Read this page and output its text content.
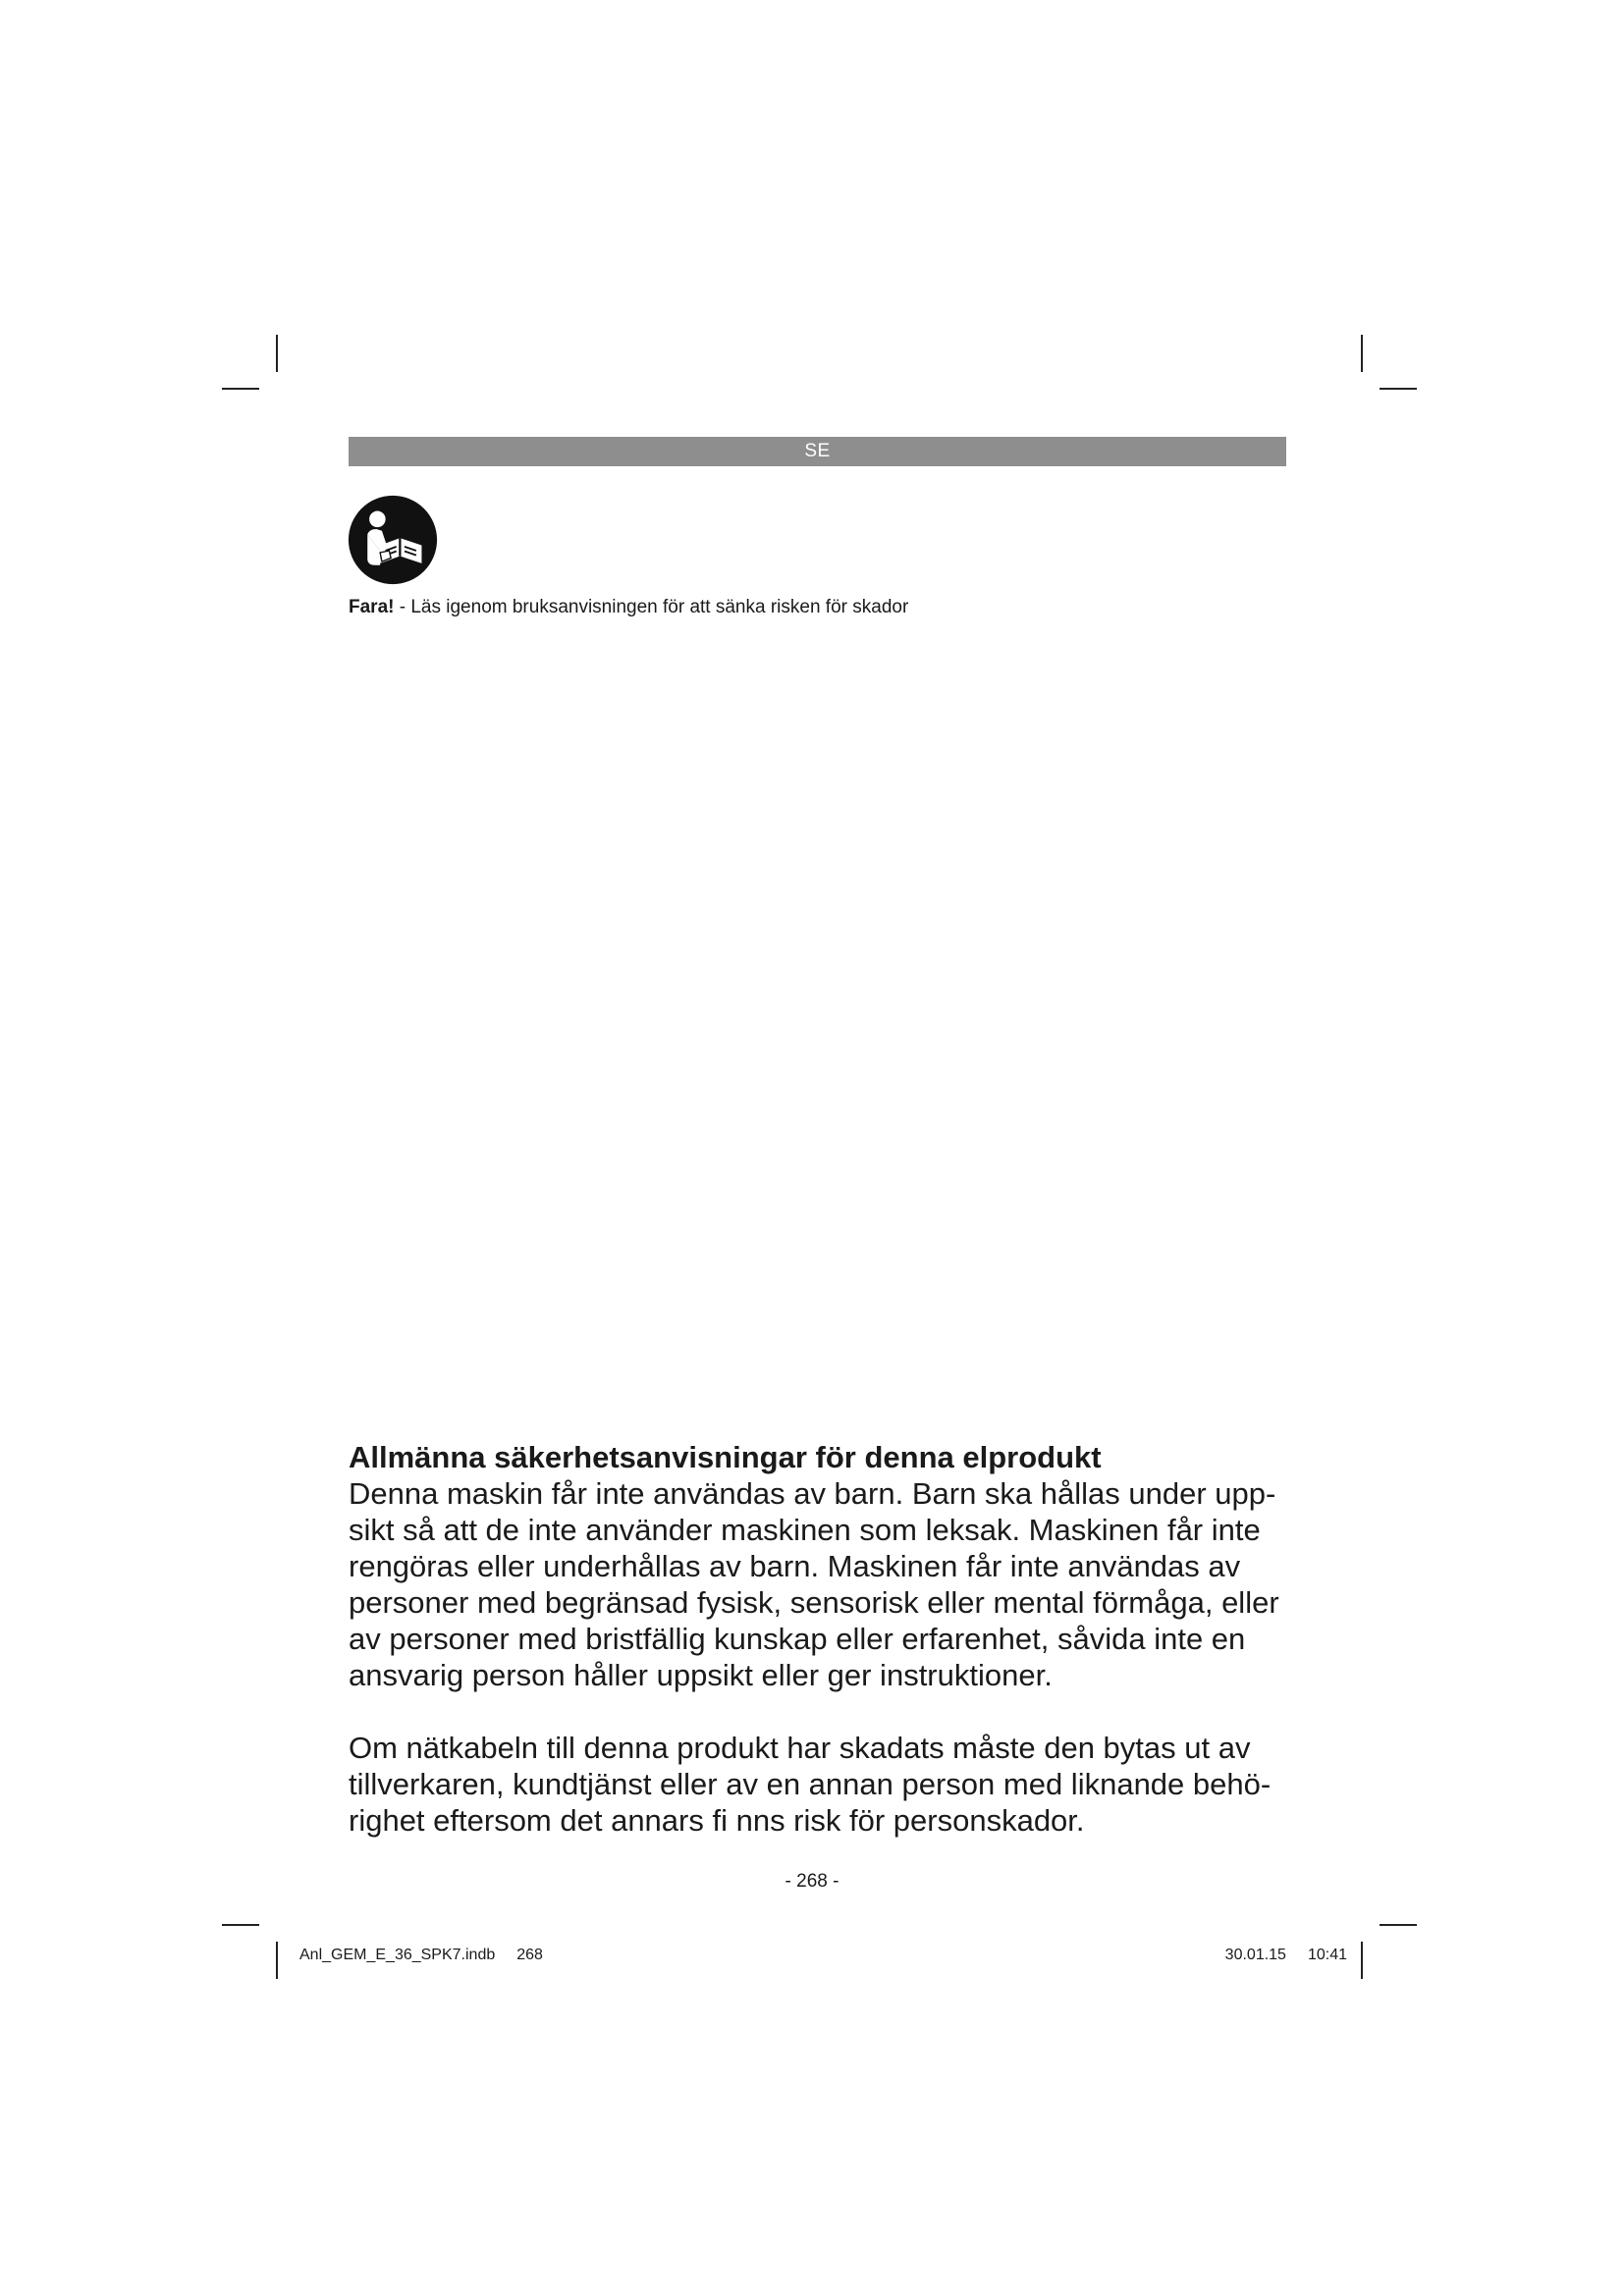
SE
Fara! - Läs igenom bruksanvisningen för att sänka risken för skador
Allmänna säkerhetsanvisningar för denna elprodukt

Denna maskin får inte användas av barn. Barn ska hållas under upp-sikt så att de inte använder maskinen som leksak. Maskinen får inte rengöras eller underhållas av barn. Maskinen får inte användas av personer med begränsad fysisk, sensorisk eller mental förmåga, eller av personer med bristfällig kunskap eller erfarenhet, såvida inte en ansvarig person håller uppsikt eller ger instruktioner.

Om nätkabeln till denna produkt har skadats måste den bytas ut av tillverkaren, kundtjänst eller av en annan person med liknande behö-righet eftersom det annars fi nns risk för personskador.

- 268 -
Anl_GEM_E_36_SPK7.indb 268	30.01.15 10:41
